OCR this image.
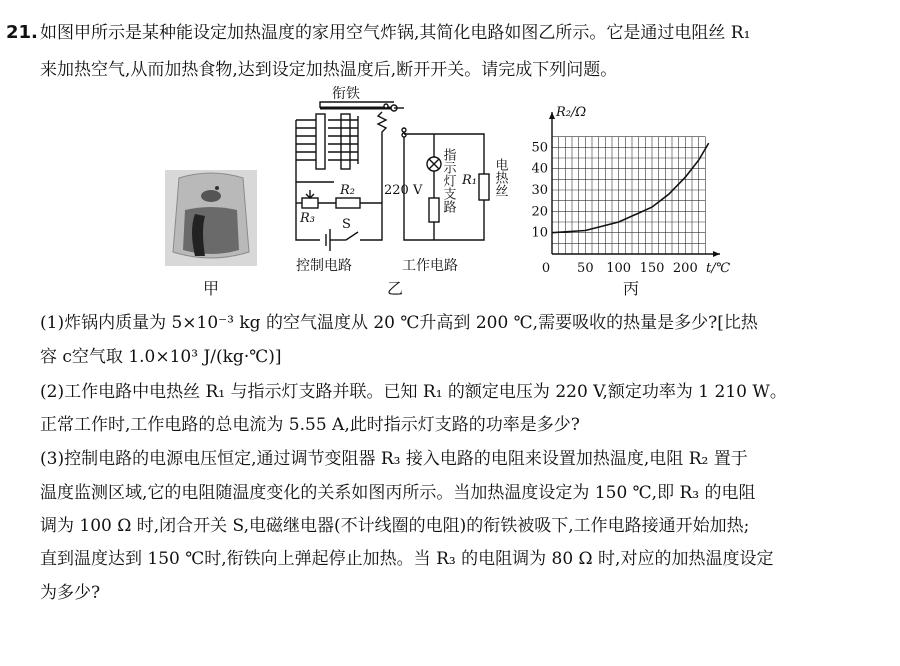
21. 如图甲所示是某种能设定加热温度的家用空气炸锅,其简化电路如图乙所示。它是通过电阻丝 R₁
来加热空气,从而加热食物,达到设定加热温度后,断开开关。请完成下列问题。
甲
衔铁
R₂
R₃ S
220 V 指示灯支路 R₁ 电热丝
控制电路	工作电路
乙
t/℃
R₂/Ω
0 50 100 150 200
10
20
30
40
50
丙
(1)炸锅内质量为 5×10⁻³ kg 的空气温度从 20 ℃升高到 200 ℃,需要吸收的热量是多少?[比热
容 c空气取 1.0×10³ J/(kg·℃)]
(2)工作电路中电热丝 R₁ 与指示灯支路并联。已知 R₁ 的额定电压为 220 V,额定功率为 1 210 W。
正常工作时,工作电路的总电流为 5.55 A,此时指示灯支路的功率是多少?
(3)控制电路的电源电压恒定,通过调节变阻器 R₃ 接入电路的电阻来设置加热温度,电阻 R₂ 置于
温度监测区域,它的电阻随温度变化的关系如图丙所示。当加热温度设定为 150 ℃,即 R₃ 的电阻
调为 100 Ω 时,闭合开关 S,电磁继电器(不计线圈的电阻)的衔铁被吸下,工作电路接通开始加热;
直到温度达到 150 ℃时,衔铁向上弹起停止加热。当 R₃ 的电阻调为 80 Ω 时,对应的加热温度设定
为多少?
